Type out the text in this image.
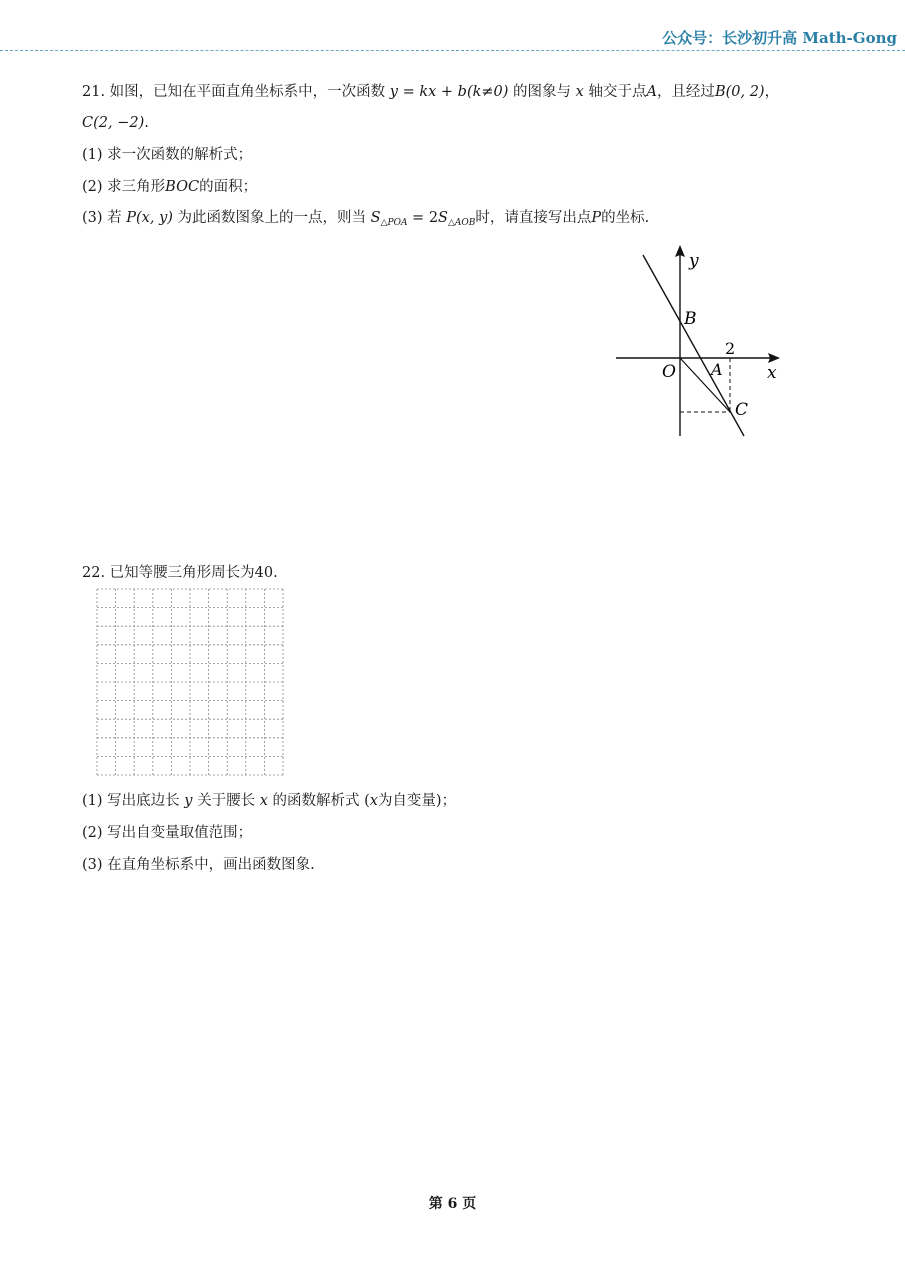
公众号：长沙初升高 Math-Gong
21. 如图，已知在平面直角坐标系中，一次函数 y = kx + b(k≠0) 的图象与 x 轴交于点A，且经过B(0, 2)，
C(2, −2).
(1) 求一次函数的解析式；
(2) 求三角形BOC的面积；
(3) 若 P(x, y) 为此函数图象上的一点，则当 $S_{\triangle POA} = 2S_{\triangle AOB}$时，请直接写出点P的坐标.
y
B
2
O A	x
C
22. 已知等腰三角形周长为40.
(1) 写出底边长 y 关于腰长 x 的函数解析式 (x为自变量)；
(2) 写出自变量取值范围；
(3) 在直角坐标系中，画出函数图象.
第 6 页
